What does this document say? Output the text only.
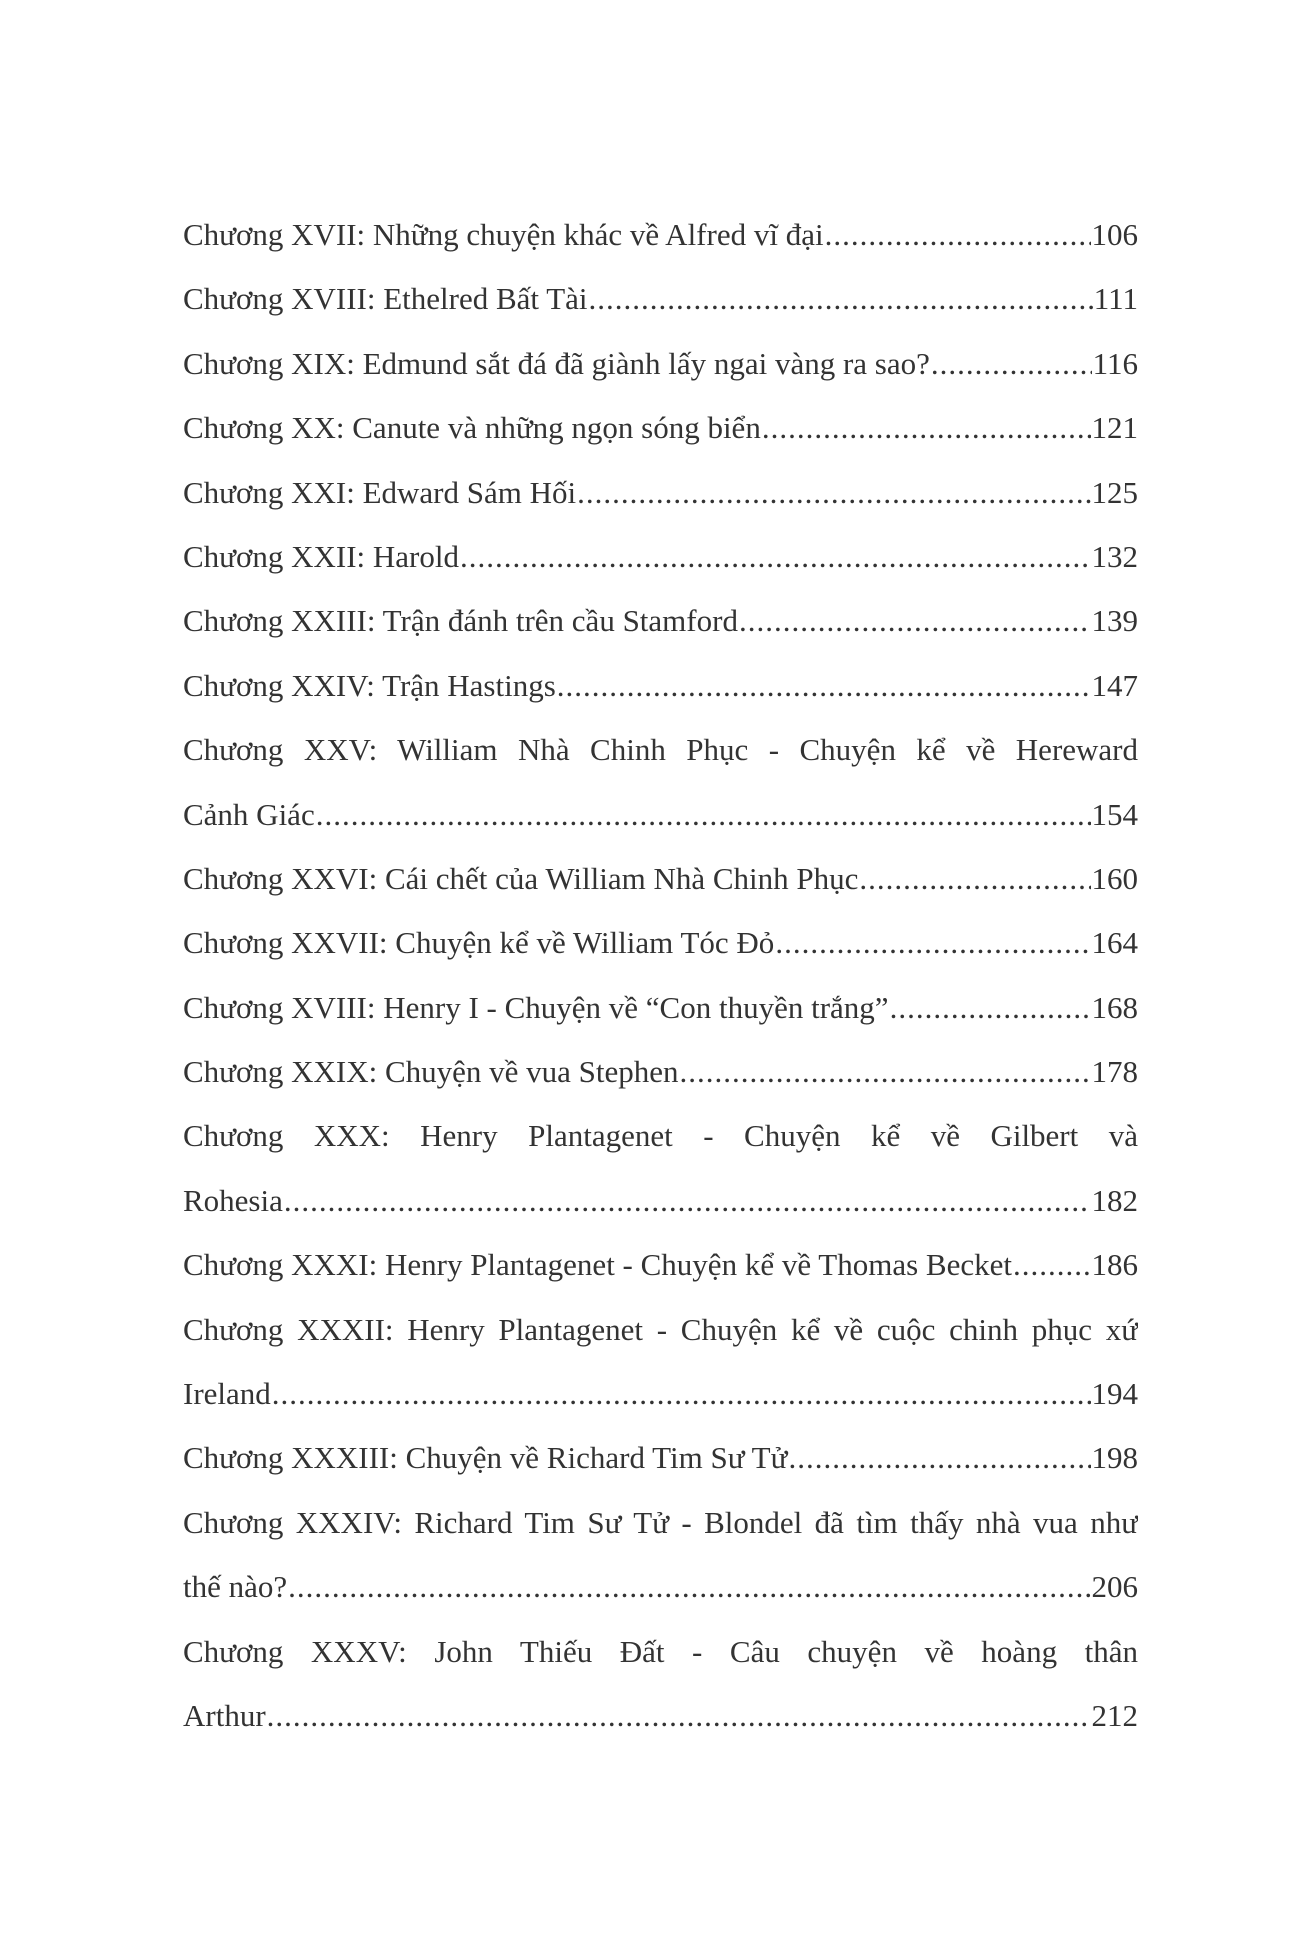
Chương XVII: Những chuyện khác về Alfred vĩ đại .....	106
Chương XVIII: Ethelred Bất Tài .....	111
Chương XIX: Edmund sắt đá đã giành lấy ngai vàng ra sao? .....	116
Chương XX: Canute và những ngọn sóng biển .....	121
Chương XXI: Edward Sám Hối .....	125
Chương XXII: Harold .....	132
Chương XXIII: Trận đánh trên cầu Stamford .....	139
Chương XXIV: Trận Hastings .....	147
Chương XXV: William Nhà Chinh Phục - Chuyện kể về Hereward
Cảnh Giác .....	154
Chương XXVI: Cái chết của William Nhà Chinh Phục .....	160
Chương XXVII: Chuyện kể về William Tóc Đỏ .....	164
Chương XVIII: Henry I - Chuyện về “Con thuyền trắng” .....	168
Chương XXIX: Chuyện về vua Stephen .....	178
Chương XXX: Henry Plantagenet - Chuyện kể về Gilbert và
Rohesia .....	182
Chương XXXI: Henry Plantagenet - Chuyện kể về Thomas Becket .....	186
Chương XXXII: Henry Plantagenet - Chuyện kể về cuộc chinh phục xứ
Ireland .....	194
Chương XXXIII: Chuyện về Richard Tim Sư Tử .....	198
Chương XXXIV: Richard Tim Sư Tử - Blondel đã tìm thấy nhà vua như
thế nào? .....	206
Chương XXXV: John Thiếu Đất - Câu chuyện về hoàng thân
Arthur .....	212
